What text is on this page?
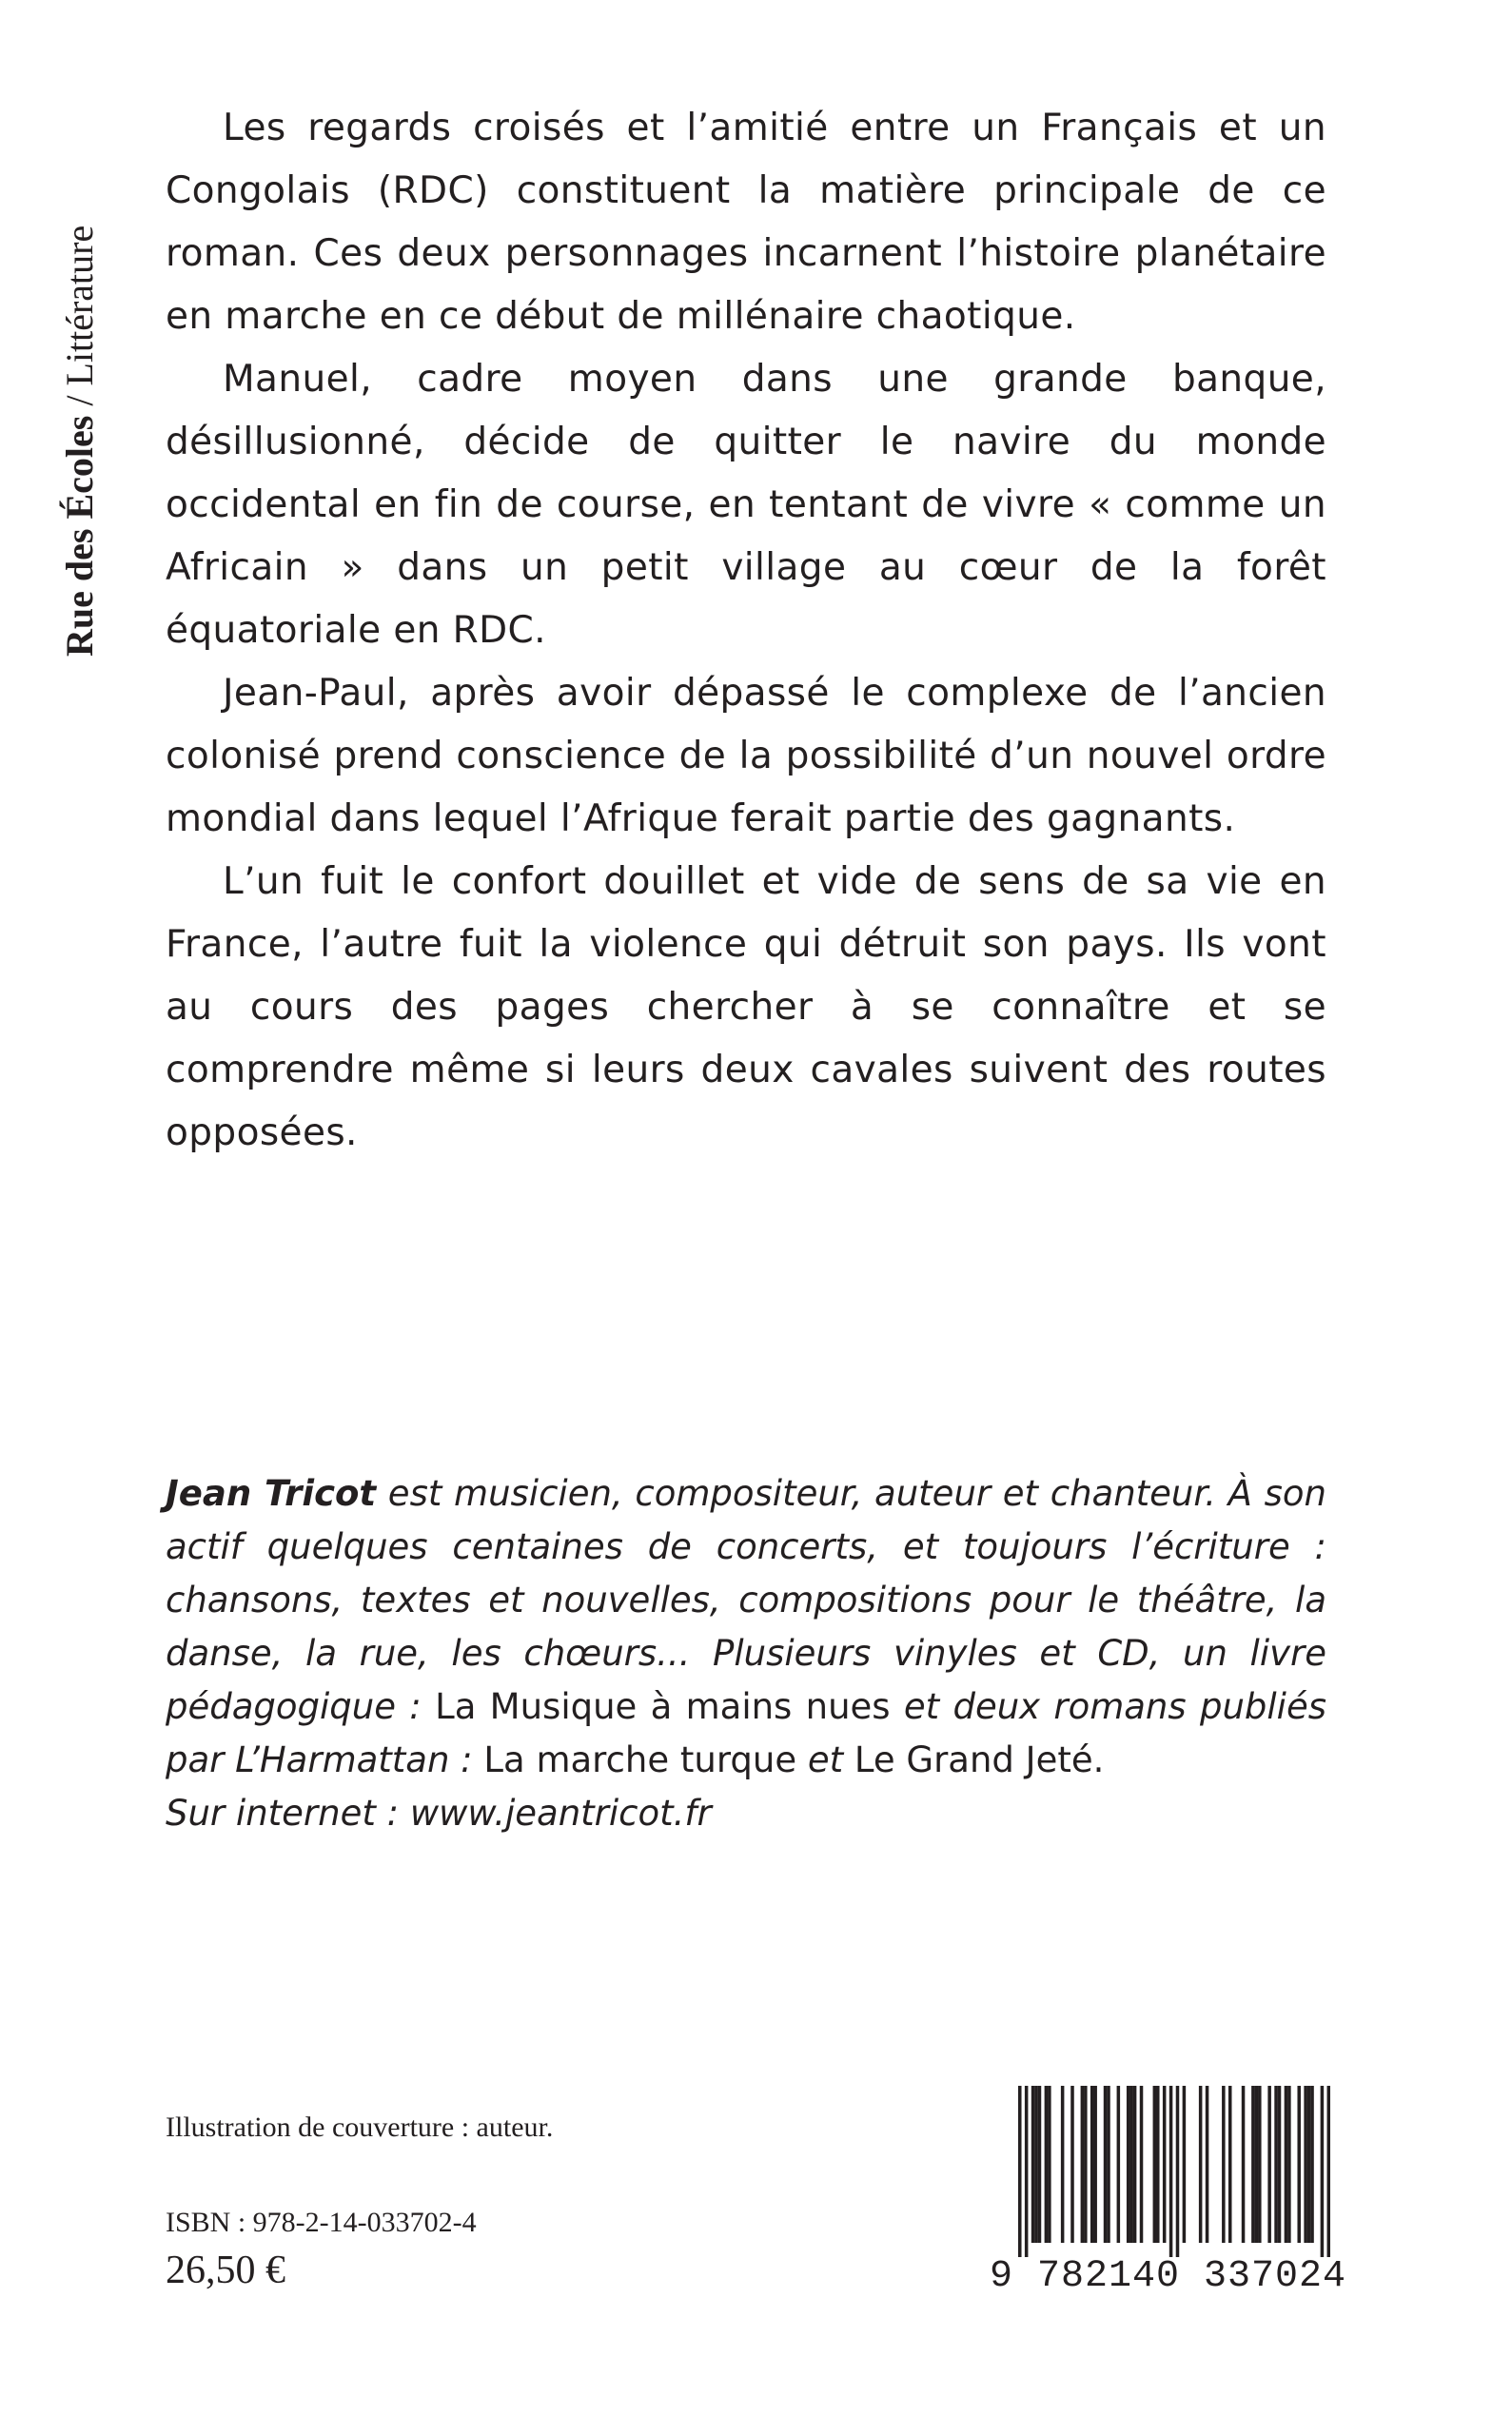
Rue des Écoles / Littérature

Les regards croisés et l’amitié entre un Français et un Congolais (RDC) constituent la matière principale de ce roman. Ces deux personnages incarnent l’histoire planétaire en marche en ce début de millénaire chaotique.

Manuel, cadre moyen dans une grande banque, désillusionné, décide de quitter le navire du monde occidental en fin de course, en tentant de vivre « comme un Africain » dans un petit village au cœur de la forêt équatoriale en RDC.

Jean-Paul, après avoir dépassé le complexe de l’ancien colonisé prend conscience de la possibilité d’un nouvel ordre mondial dans lequel l’Afrique ferait partie des gagnants.

L’un fuit le confort douillet et vide de sens de sa vie en France, l’autre fuit la violence qui détruit son pays. Ils vont au cours des pages chercher à se connaître et se comprendre même si leurs deux cavales suivent des routes opposées.

Jean Tricot est musicien, compositeur, auteur et chanteur. À son actif quelques centaines de concerts, et toujours l’écriture : chansons, textes et nouvelles, compositions pour le théâtre, la danse, la rue, les chœurs... Plusieurs vinyles et CD, un livre pédagogique : La Musique à mains nues et deux romans publiés par L’Harmattan : La marche turque et Le Grand Jeté.

Sur internet : www.jeantricot.fr
Illustration de couverture : auteur.
ISBN : 978-2-14-033702-4
26,50 €	9 782140 337024
